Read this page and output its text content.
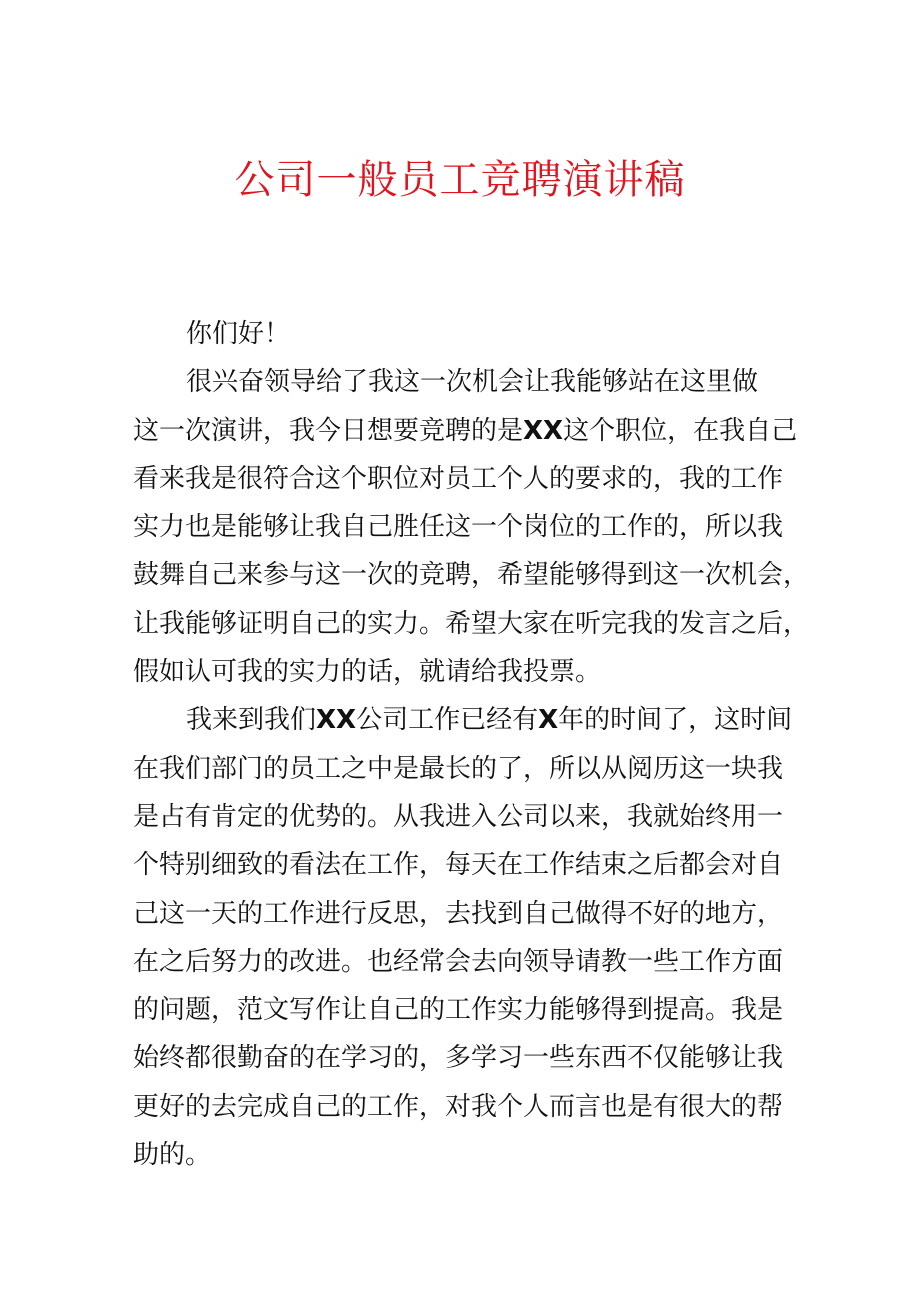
公司一般员工竞聘演讲稿
你们好！
很兴奋领导给了我这一次机会让我能够站在这里做
这一次演讲，我今日想要竞聘的是XX这个职位，在我自己
看来我是很符合这个职位对员工个人的要求的，我的工作
实力也是能够让我自己胜任这一个岗位的工作的，所以我
鼓舞自己来参与这一次的竞聘，希望能够得到这一次机会，
让我能够证明自己的实力。希望大家在听完我的发言之后，
假如认可我的实力的话，就请给我投票。
我来到我们XX公司工作已经有X年的时间了，这时间
在我们部门的员工之中是最长的了，所以从阅历这一块我
是占有肯定的优势的。从我进入公司以来，我就始终用一
个特别细致的看法在工作，每天在工作结束之后都会对自
己这一天的工作进行反思，去找到自己做得不好的地方，
在之后努力的改进。也经常会去向领导请教一些工作方面
的问题，范文写作让自己的工作实力能够得到提高。我是
始终都很勤奋的在学习的，多学习一些东西不仅能够让我
更好的去完成自己的工作，对我个人而言也是有很大的帮
助的。
